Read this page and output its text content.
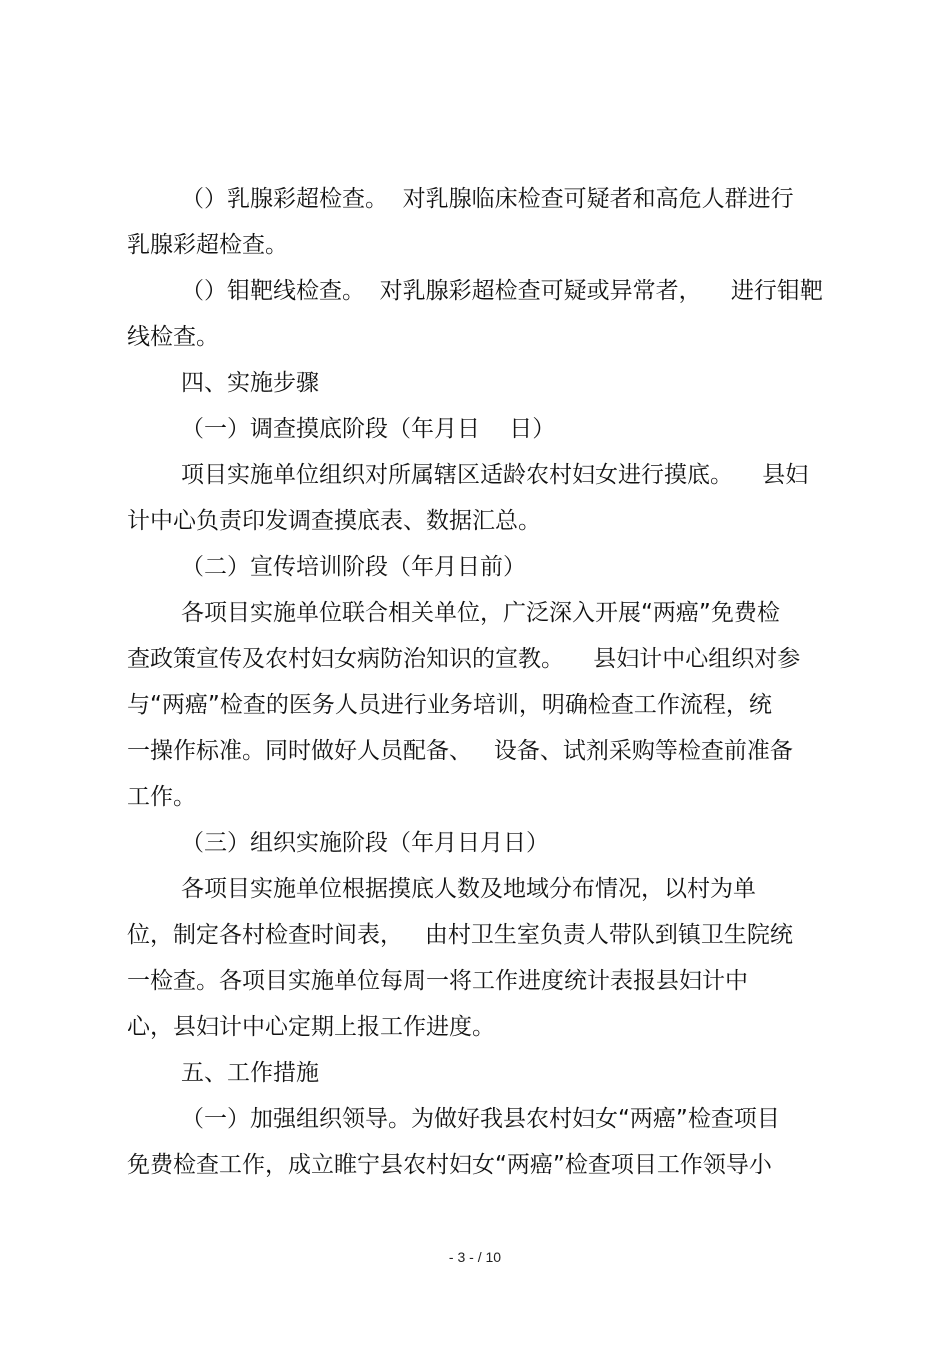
（）乳腺彩超检查。  对乳腺临床检查可疑者和高危人群进行
乳腺彩超检查。
（）钼靶线检查。  对乳腺彩超检查可疑或异常者，    进行钼靶
线检查。
四、实施步骤
（一）调查摸底阶段（年月日    日）
项目实施单位组织对所属辖区适龄农村妇女进行摸底。    县妇
计中心负责印发调查摸底表、数据汇总。
（二）宣传培训阶段（年月日前）
各项目实施单位联合相关单位，广泛深入开展“两癌”免费检
查政策宣传及农村妇女病防治知识的宣教。    县妇计中心组织对参
与“两癌”检查的医务人员进行业务培训，明确检查工作流程，统
一操作标准。同时做好人员配备、   设备、试剂采购等检查前准备
工作。
（三）组织实施阶段（年月日月日）
各项目实施单位根据摸底人数及地域分布情况，以村为单
位，制定各村检查时间表，   由村卫生室负责人带队到镇卫生院统
一检查。各项目实施单位每周一将工作进度统计表报县妇计中
心，县妇计中心定期上报工作进度。
五、工作措施
（一）加强组织领导。为做好我县农村妇女“两癌”检查项目
免费检查工作，成立睢宁县农村妇女“两癌”检查项目工作领导小
- 3 - / 10
